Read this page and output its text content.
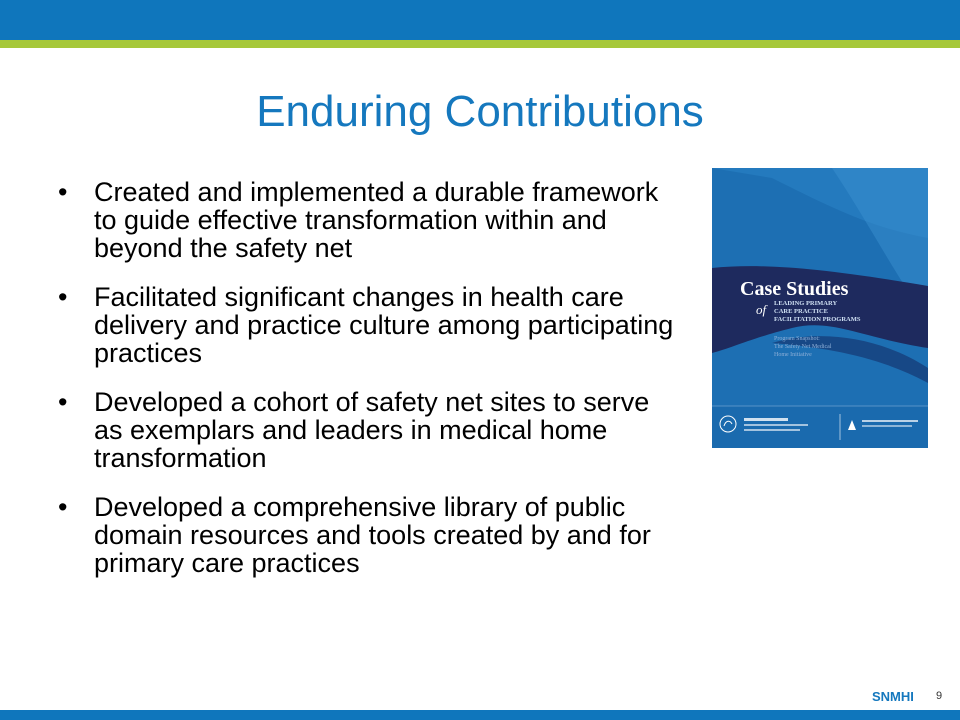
Enduring Contributions
• Created and implemented a durable framework to guide effective transformation within and beyond the safety net
• Facilitated significant changes in health care delivery and practice culture among participating practices
• Developed a cohort of safety net sites to serve as exemplars and leaders in medical home transformation
• Developed a comprehensive library of public domain resources and tools created by and for primary care practices
Case Studies
of	LEADING PRIMARY
CARE PRACTICE
FACILITATION PROGRAMS
Program Snapshot:
The Safety Net Medical
Home Initiative
SNMHI 9
